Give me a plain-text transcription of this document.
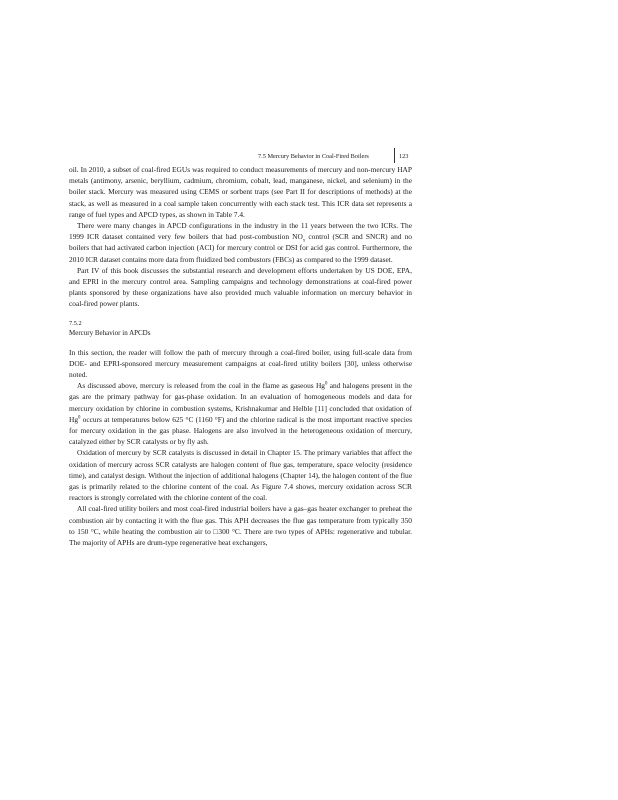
7.5 Mercury Behavior in Coal-Fired Boilers	123

oil. In 2010, a subset of coal-fired EGUs was required to conduct measurements of mercury and non-mercury HAP metals (antimony, arsenic, beryllium, cadmium, chromium, cobalt, lead, manganese, nickel, and selenium) in the boiler stack. Mercury was measured using CEMS or sorbent traps (see Part II for descriptions of methods) at the stack, as well as measured in a coal sample taken concurrently with each stack test. This ICR data set represents a range of fuel types and APCD types, as shown in Table 7.4.

There were many changes in APCD configurations in the industry in the 11 years between the two ICRs. The 1999 ICR dataset contained very few boilers that had post-combustion $NO_x$ control (SCR and SNCR) and no boilers that had activated carbon injection (ACI) for mercury control or DSI for acid gas control. Furthermore, the 2010 ICR dataset contains more data from fluidized bed combustors (FBCs) as compared to the 1999 dataset.

Part IV of this book discusses the substantial research and development efforts undertaken by US DOE, EPA, and EPRI in the mercury control area. Sampling campaigns and technology demonstrations at coal-fired power plants sponsored by these organizations have also provided much valuable information on mercury behavior in coal-fired power plants.

7.5.2
Mercury Behavior in APCDs

In this section, the reader will follow the path of mercury through a coal-fired boiler, using full-scale data from DOE- and EPRI-sponsored mercury measurement campaigns at coal-fired utility boilers [30], unless otherwise noted.

As discussed above, mercury is released from the coal in the flame as gaseous Hg$^0$ and halogens present in the gas are the primary pathway for gas-phase oxidation. In an evaluation of homogeneous models and data for mercury oxidation by chlorine in combustion systems, Krishnakumar and Helble [11] concluded that oxidation of Hg$^0$ occurs at temperatures below 625 °C (1160 °F) and the chlorine radical is the most important reactive species for mercury oxidation in the gas phase. Halogens are also involved in the heterogeneous oxidation of mercury, catalyzed either by SCR catalysts or by fly ash.

Oxidation of mercury by SCR catalysts is discussed in detail in Chapter 15. The primary variables that affect the oxidation of mercury across SCR catalysts are halogen content of flue gas, temperature, space velocity (residence time), and catalyst design. Without the injection of additional halogens (Chapter 14), the halogen content of the flue gas is primarily related to the chlorine content of the coal. As Figure 7.4 shows, mercury oxidation across SCR reactors is strongly correlated with the chlorine content of the coal.

All coal-fired utility boilers and most coal-fired industrial boilers have a gas–gas heater exchanger to preheat the combustion air by contacting it with the flue gas. This APH decreases the flue gas temperature from typically 350 to 150 °C, while heating the combustion air to □300 °C. There are two types of APHs: regenerative and tubular. The majority of APHs are drum-type regenerative heat exchangers,
